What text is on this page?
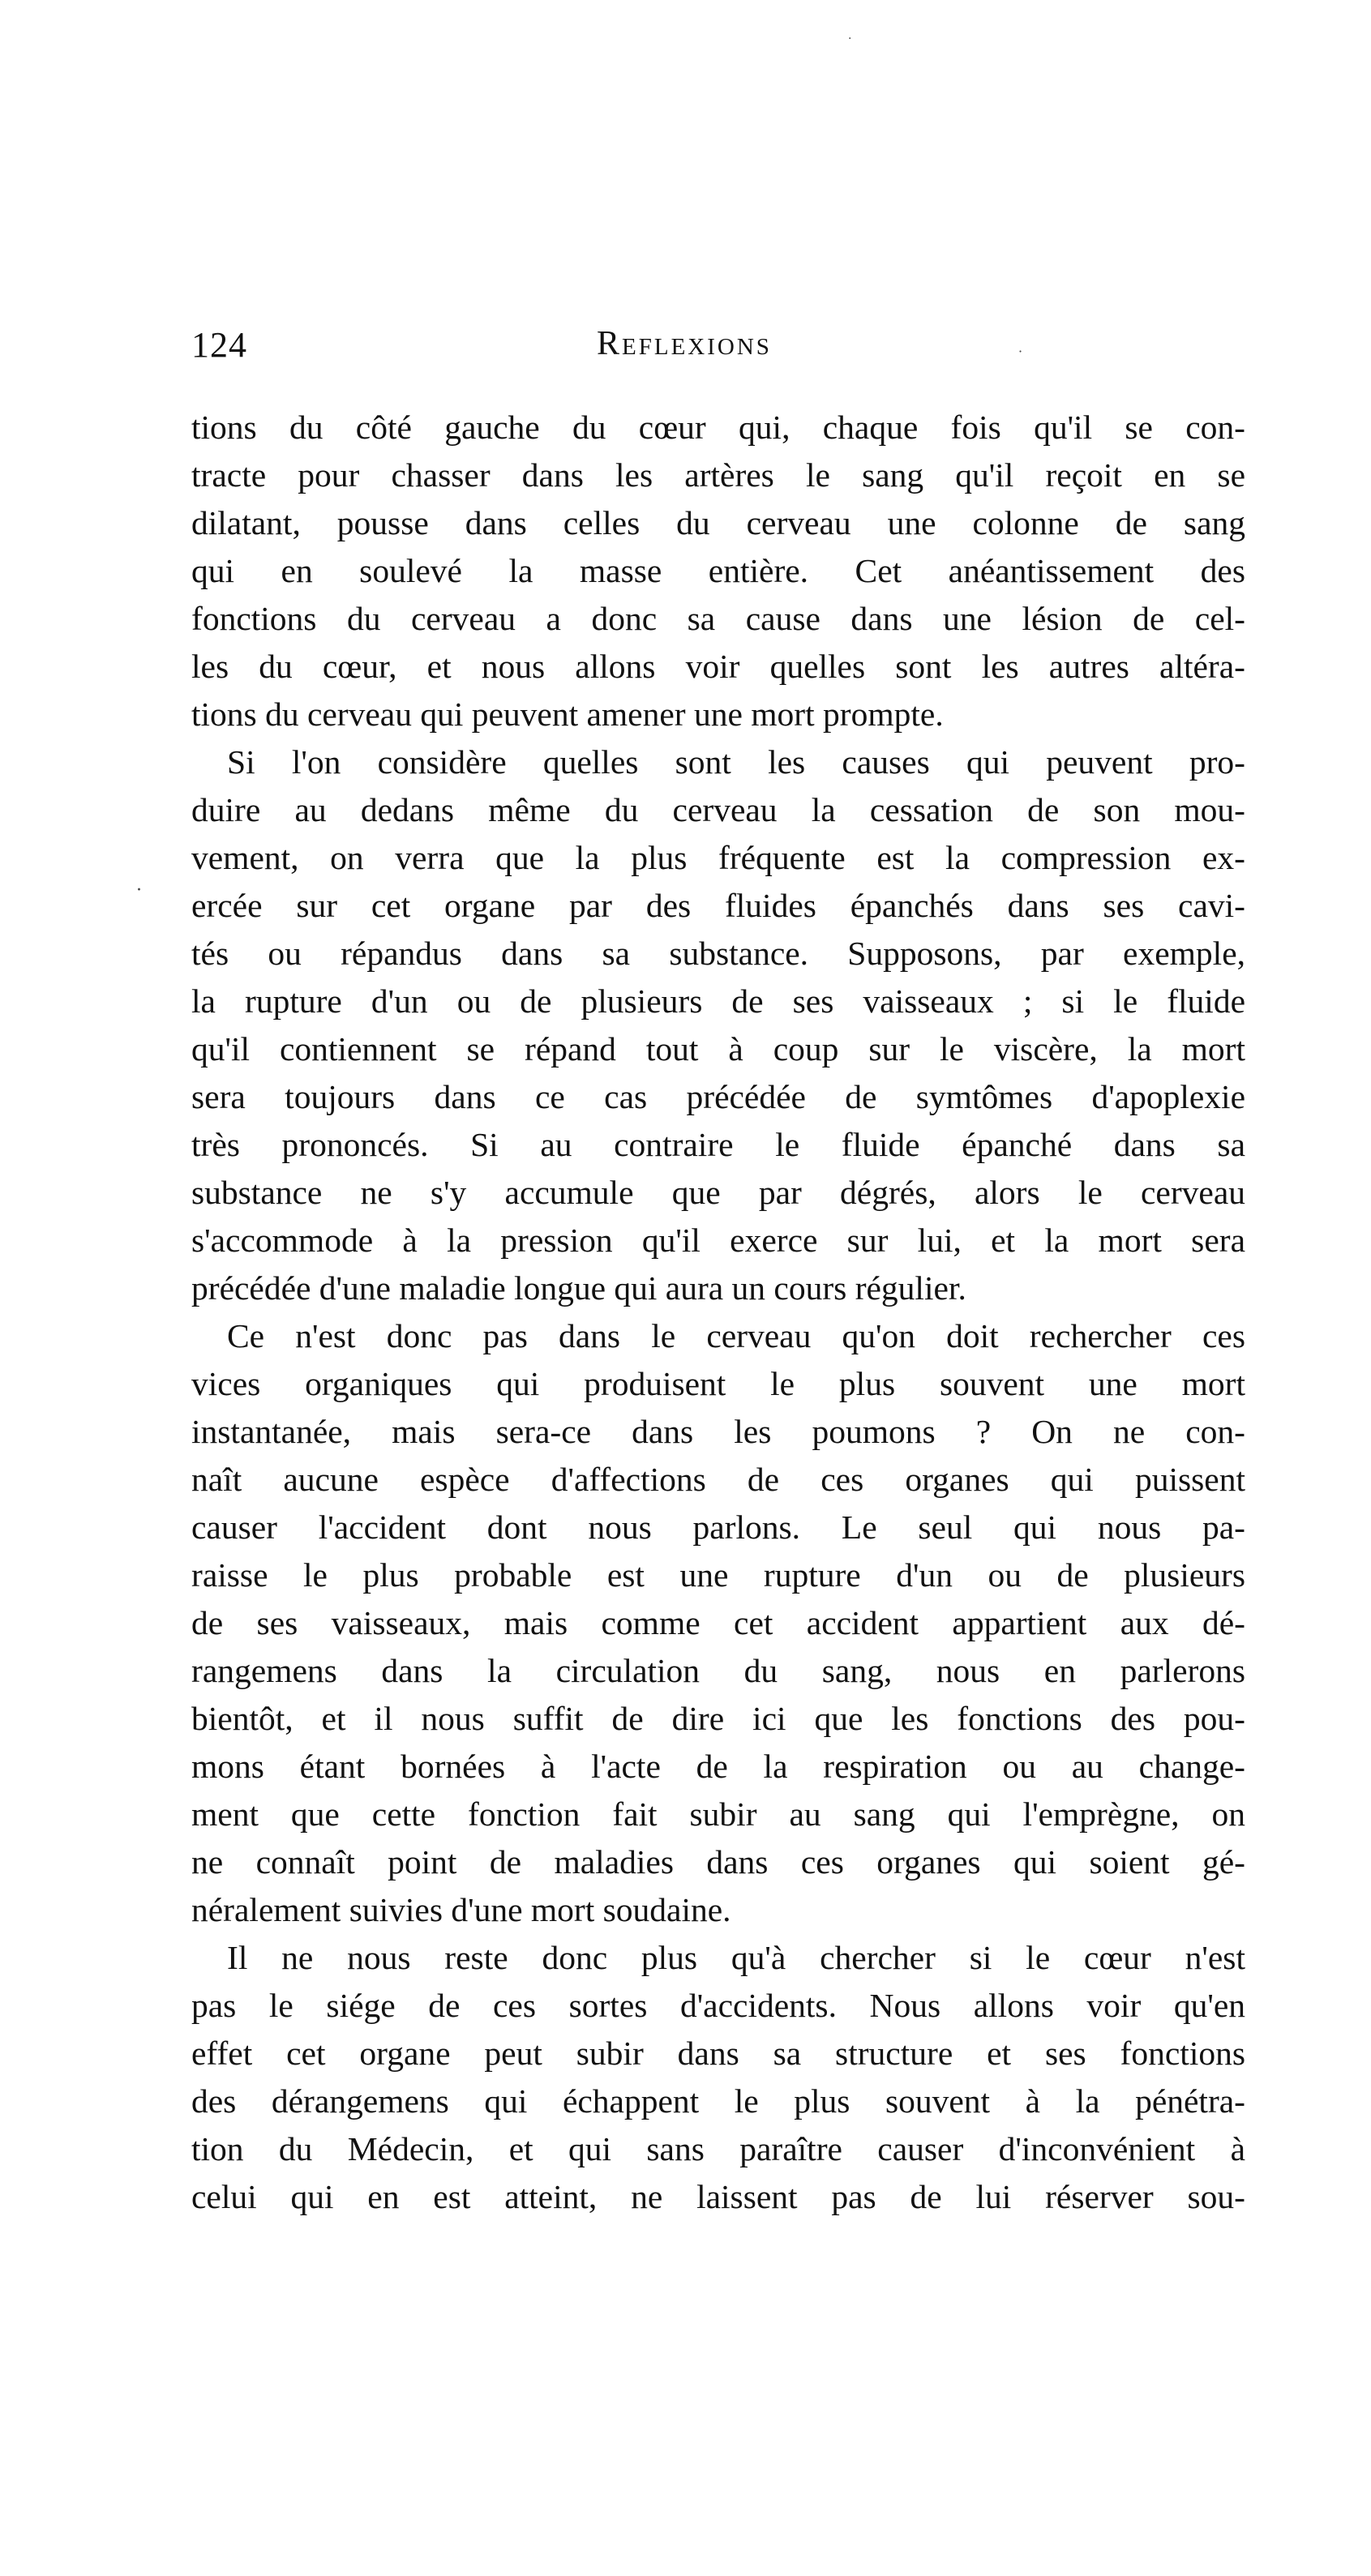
·
·
·
124	Reflexions
tions du côté gauche du cœur qui, chaque fois qu'il se con-
tracte pour chasser dans les artères le sang qu'il reçoit en se
dilatant, pousse dans celles du cerveau une colonne de sang
qui en soulevé la masse entière. Cet anéantissement des
fonctions du cerveau a donc sa cause dans une lésion de cel-
les du cœur, et nous allons voir quelles sont les autres altéra-
tions du cerveau qui peuvent amener une mort prompte.
Si l'on considère quelles sont les causes qui peuvent pro-
duire au dedans même du cerveau la cessation de son mou-
vement, on verra que la plus fréquente est la compression ex-
ercée sur cet organe par des fluides épanchés dans ses cavi-
tés ou répandus dans sa substance. Supposons, par exemple,
la rupture d'un ou de plusieurs de ses vaisseaux ; si le fluide
qu'il contiennent se répand tout à coup sur le viscère, la mort
sera toujours dans ce cas précédée de symtômes d'apoplexie
très prononcés. Si au contraire le fluide épanché dans sa
substance ne s'y accumule que par dégrés, alors le cerveau
s'accommode à la pression qu'il exerce sur lui, et la mort sera
précédée d'une maladie longue qui aura un cours régulier.
Ce n'est donc pas dans le cerveau qu'on doit rechercher ces
vices organiques qui produisent le plus souvent une mort
instantanée, mais sera-ce dans les poumons ? On ne con-
naît aucune espèce d'affections de ces organes qui puissent
causer l'accident dont nous parlons. Le seul qui nous pa-
raisse le plus probable est une rupture d'un ou de plusieurs
de ses vaisseaux, mais comme cet accident appartient aux dé-
rangemens dans la circulation du sang, nous en parlerons
bientôt, et il nous suffit de dire ici que les fonctions des pou-
mons étant bornées à l'acte de la respiration ou au change-
ment que cette fonction fait subir au sang qui l'emprègne, on
ne connaît point de maladies dans ces organes qui soient gé-
néralement suivies d'une mort soudaine.
Il ne nous reste donc plus qu'à chercher si le cœur n'est
pas le siége de ces sortes d'accidents. Nous allons voir qu'en
effet cet organe peut subir dans sa structure et ses fonctions
des dérangemens qui échappent le plus souvent à la pénétra-
tion du Médecin, et qui sans paraître causer d'inconvénient à
celui qui en est atteint, ne laissent pas de lui réserver sou-
